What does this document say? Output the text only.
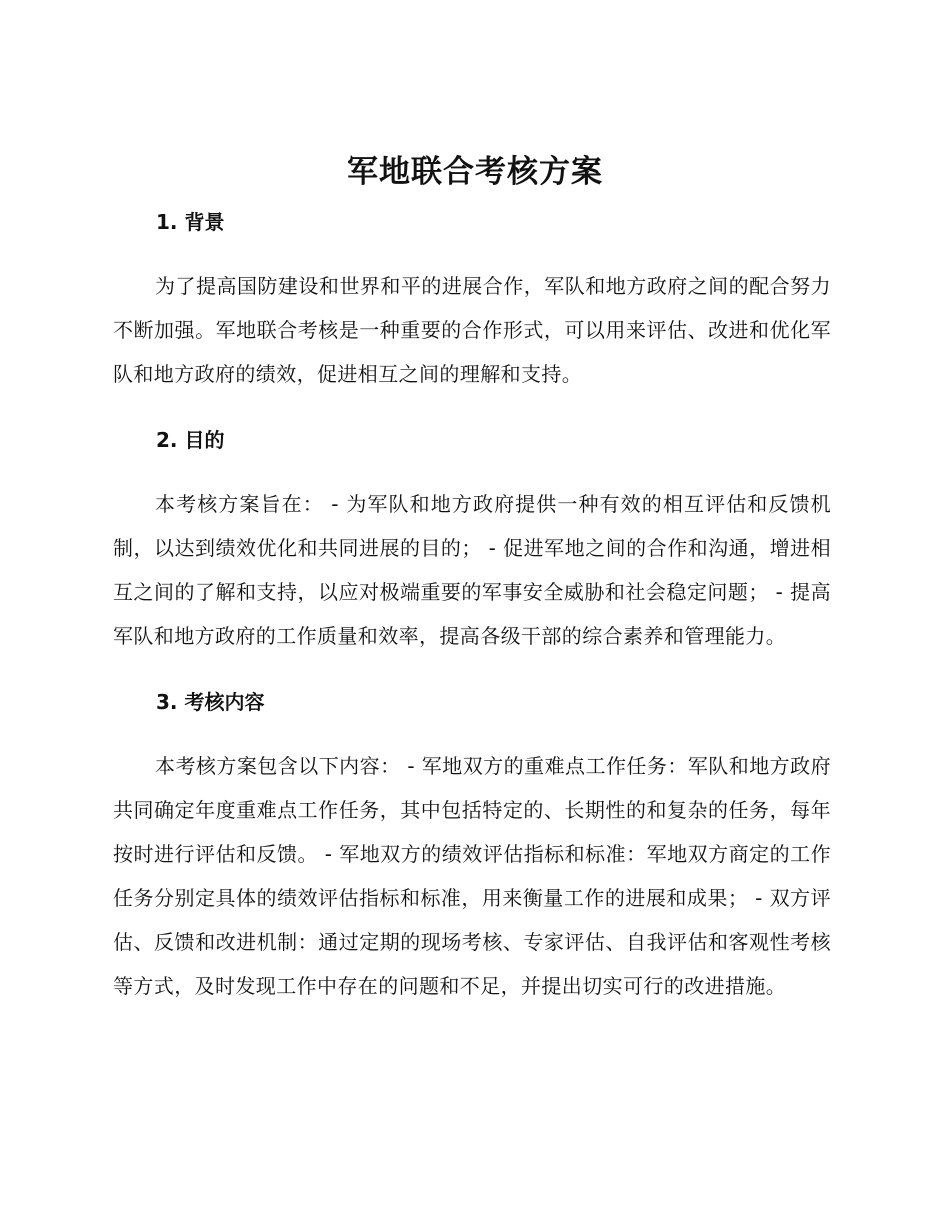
军地联合考核方案
1. 背景

为了提高国防建设和世界和平的进展合作，军队和地方政府之间的配合努力不断加强。军地联合考核是一种重要的合作形式，可以用来评估、改进和优化军队和地方政府的绩效，促进相互之间的理解和支持。

2. 目的

本考核方案旨在： - 为军队和地方政府提供一种有效的相互评估和反馈机制，以达到绩效优化和共同进展的目的； - 促进军地之间的合作和沟通，增进相互之间的了解和支持，以应对极端重要的军事安全威胁和社会稳定问题； - 提高军队和地方政府的工作质量和效率，提高各级干部的综合素养和管理能力。

3. 考核内容

本考核方案包含以下内容： - 军地双方的重难点工作任务：军队和地方政府共同确定年度重难点工作任务，其中包括特定的、长期性的和复杂的任务，每年按时进行评估和反馈。 - 军地双方的绩效评估指标和标准：军地双方商定的工作任务分别定具体的绩效评估指标和标准，用来衡量工作的进展和成果； - 双方评估、反馈和改进机制：通过定期的现场考核、专家评估、自我评估和客观性考核等方式，及时发现工作中存在的问题和不足，并提出切实可行的改进措施。
